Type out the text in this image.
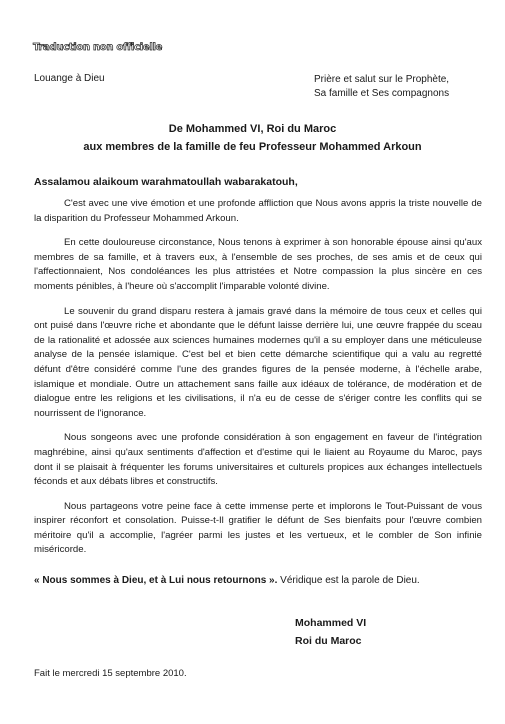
Traduction non officielle
Louange à Dieu	Prière et salut sur le Prophète,
Sa famille et Ses compagnons
De Mohammed VI, Roi du Maroc
aux membres de la famille de feu Professeur Mohammed Arkoun
Assalamou alaikoum warahmatoullah wabarakatouh,

C'est avec une vive émotion et une profonde affliction que Nous avons appris la triste nouvelle de la disparition du Professeur Mohammed Arkoun.

En cette douloureuse circonstance, Nous tenons à exprimer à son honorable épouse ainsi qu'aux membres de sa famille, et à travers eux, à l'ensemble de ses proches, de ses amis et de ceux qui l'affectionnaient, Nos condoléances les plus attristées et Notre compassion la plus sincère en ces moments pénibles, à l'heure où s'accomplit l'imparable volonté divine.

Le souvenir du grand disparu restera à jamais gravé dans la mémoire de tous ceux et celles qui ont puisé dans l'œuvre riche et abondante que le défunt laisse derrière lui, une œuvre frappée du sceau de la rationalité et adossée aux sciences humaines modernes qu'il a su employer dans une méticuleuse analyse de la pensée islamique. C'est bel et bien cette démarche scientifique qui a valu au regretté défunt d'être considéré comme l'une des grandes figures de la pensée moderne, à l'échelle arabe, islamique et mondiale. Outre un attachement sans faille aux idéaux de tolérance, de modération et de dialogue entre les religions et les civilisations, il n'a eu de cesse de s'ériger contre les conflits qui se nourrissent de l'ignorance.

Nous songeons avec une profonde considération à son engagement en faveur de l'intégration maghrébine, ainsi qu'aux sentiments d'affection et d'estime qui le liaient au Royaume du Maroc, pays dont il se plaisait à fréquenter les forums universitaires et culturels propices aux échanges intellectuels féconds et aux débats libres et constructifs.

Nous partageons votre peine face à cette immense perte et implorons le Tout-Puissant de vous inspirer réconfort et consolation. Puisse-t-Il gratifier le défunt de Ses bienfaits pour l'œuvre combien méritoire qu'il a accomplie, l'agréer parmi les justes et les vertueux, et le combler de Son infinie miséricorde.

« Nous sommes à Dieu, et à Lui nous retournons ». Véridique est la parole de Dieu.
Mohammed VI
Roi du Maroc
Fait le mercredi 15 septembre 2010.
